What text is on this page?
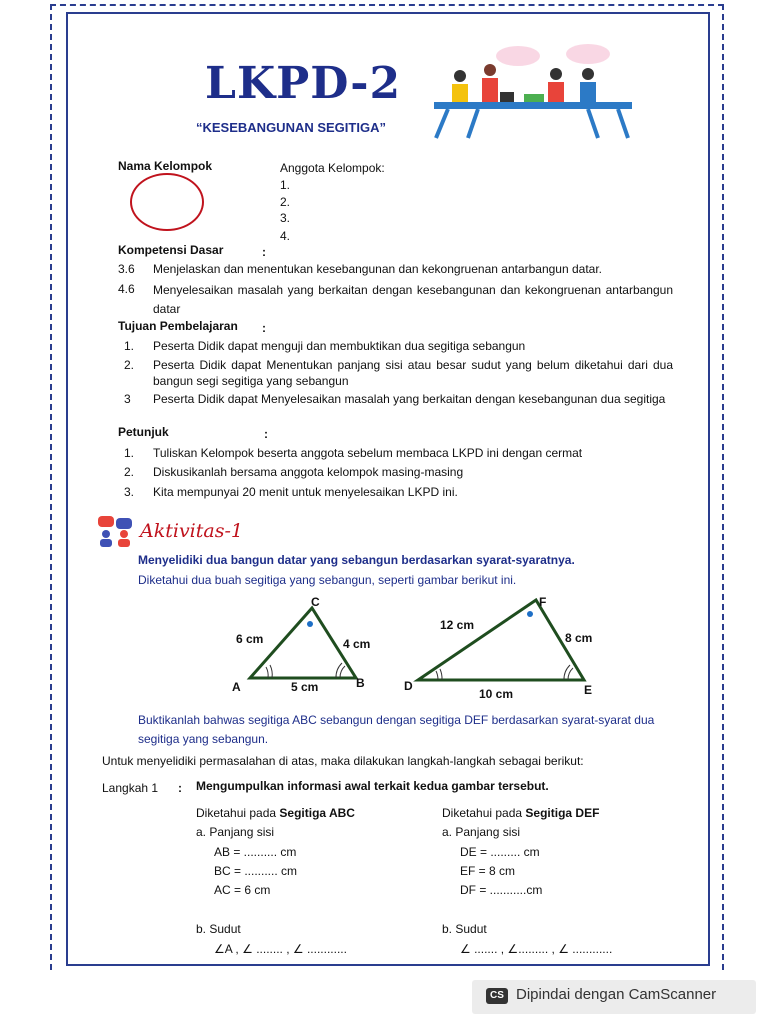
LKPD-2
“KESEBANGUNAN SEGITIGA”
Nama Kelompok	Anggota Kelompok:
1.
2.
3.
4.
Kompetensi Dasar	:
3.6 Menjelaskan dan menentukan kesebangunan dan kekongruenan antarbangun datar.
4.6 Menyelesaikan masalah yang berkaitan dengan kesebangunan dan kekongruenan antarbangun datar
Tujuan Pembelajaran :
1. Peserta Didik dapat menguji dan membuktikan dua segitiga sebangun
2. Peserta Didik dapat Menentukan panjang sisi atau besar sudut yang belum diketahui dari dua bangun segi segitiga yang sebangun
3 Peserta Didik dapat Menyelesaikan masalah yang berkaitan dengan kesebangunan dua segitiga
Petunjuk	:
1. Tuliskan Kelompok beserta anggota sebelum membaca LKPD ini dengan cermat
2. Diskusikanlah bersama anggota kelompok masing-masing
3. Kita mempunyai 20 menit untuk menyelesaikan LKPD ini.
Aktivitas-1
Menyelidiki dua bangun datar yang sebangun berdasarkan syarat-syaratnya.
Diketahui dua buah segitiga yang sebangun, seperti gambar berikut ini.
C
A	B
6 cm	4 cm
5 cm
F
D	E
12 cm
8 cm
10 cm
Buktikanlah bahwas segitiga ABC sebangun dengan segitiga DEF berdasarkan syarat-syarat dua segitiga yang sebangun.
Untuk menyelidiki permasalahan di atas, maka dilakukan langkah-langkah sebagai berikut:
Langkah 1 : Mengumpulkan informasi awal terkait kedua gambar tersebut.
Diketahui pada Segitiga ABC
a. Panjang sisi
AB = .......... cm
BC = .......... cm
AC = 6 cm
b. Sudut
∠A , ∠ ........ , ∠ ............
Diketahui pada Segitiga DEF
a. Panjang sisi
DE = ......... cm
EF = 8 cm
DF = ...........cm
b. Sudut
∠ ....... , ∠......... , ∠ ............
CS Dipindai dengan CamScanner
